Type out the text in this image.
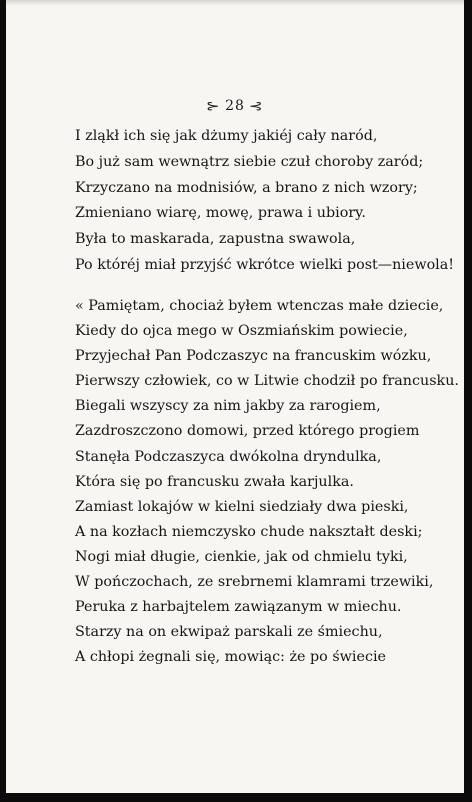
⊱ 28 ⊰
I zląkł ich się jak dżumy jakiéj cały naród,
Bo już sam wewnątrz siebie czuł choroby zaród;
Krzyczano na modnisiów, a brano z nich wzory;
Zmieniano wiarę, mowę, prawa i ubiory.
Była to maskarada, zapustna swawola,
Po któréj miał przyjść wkrótce wielki post—niewola!
« Pamiętam, chociaż byłem wtenczas małe dziecie,
Kiedy do ojca mego w Oszmiańskim powiecie,
Przyjechał Pan Podczaszyc na francuskim wózku,
Pierwszy człowiek, co w Litwie chodził po francusku.
Biegali wszyscy za nim jakby za rarogiem,
Zazdroszczono domowi, przed którego progiem
Stanęła Podczaszyca dwókolna dryndulka,
Która się po francusku zwała karjulka.
Zamiast lokajów w kielni siedziały dwa pieski,
A na kozłach niemczysko chude nakształt deski;
Nogi miał długie, cienkie, jak od chmielu tyki,
W pończochach, ze srebrnemi klamrami trzewiki,
Peruka z harbajtelem zawiązanym w miechu.
Starzy na on ekwipaż parskali ze śmiechu,
A chłopi żegnali się, mowiąc: że po świecie
